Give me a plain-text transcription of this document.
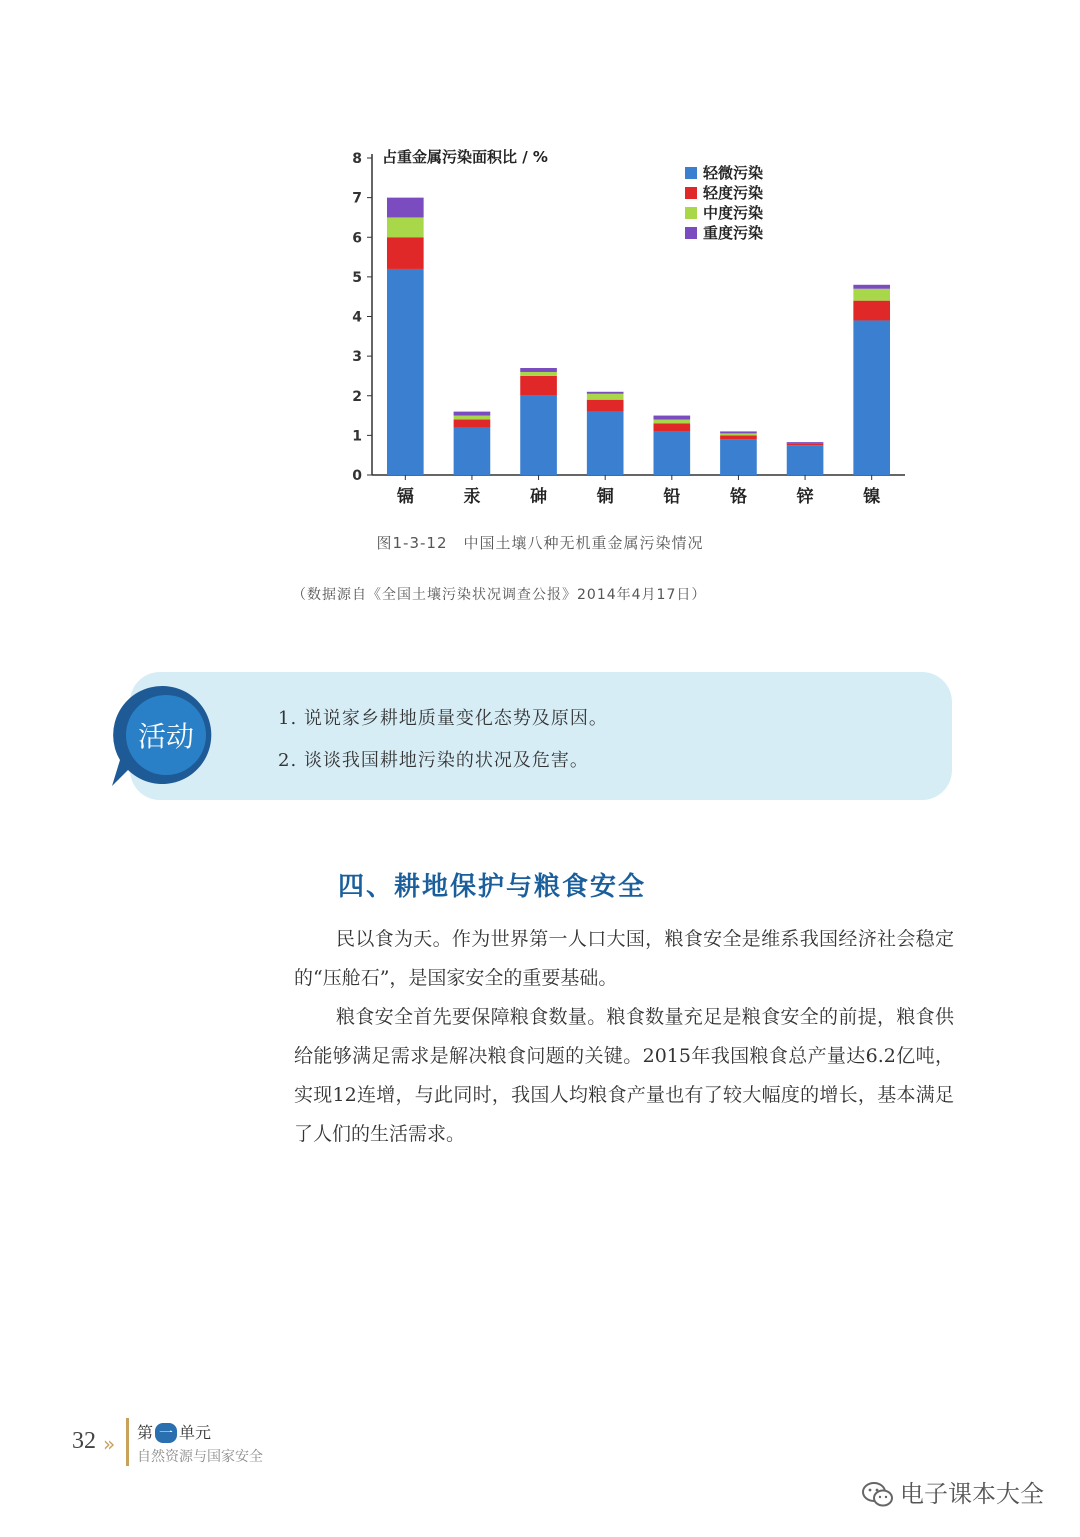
0
1
2
3
4
5
6
7
8 占重金属污染面积比 / %
镉	汞	砷	铜	铅	铬	锌	镍
轻微污染
轻度污染
中度污染
重度污染
图1-3-12　中国土壤八种无机重金属污染情况
（数据源自《全国土壤污染状况调查公报》2014年4月17日）
活动
1. 说说家乡耕地质量变化态势及原因。
2. 谈谈我国耕地污染的状况及危害。
四、耕地保护与粮食安全

民以食为天。作为世界第一人口大国，粮食安全是维系我国经济社会稳定的“压舱石”，是国家安全的重要基础。

粮食安全首先要保障粮食数量。粮食数量充足是粮食安全的前提，粮食供给能够满足需求是解决粮食问题的关键。2015年我国粮食总产量达6.2亿吨，实现12连增，与此同时，我国人均粮食产量也有了较大幅度的增长，基本满足了人们的生活需求。

32 » 第 一 单元
自然资源与国家安全
电子课本大全
